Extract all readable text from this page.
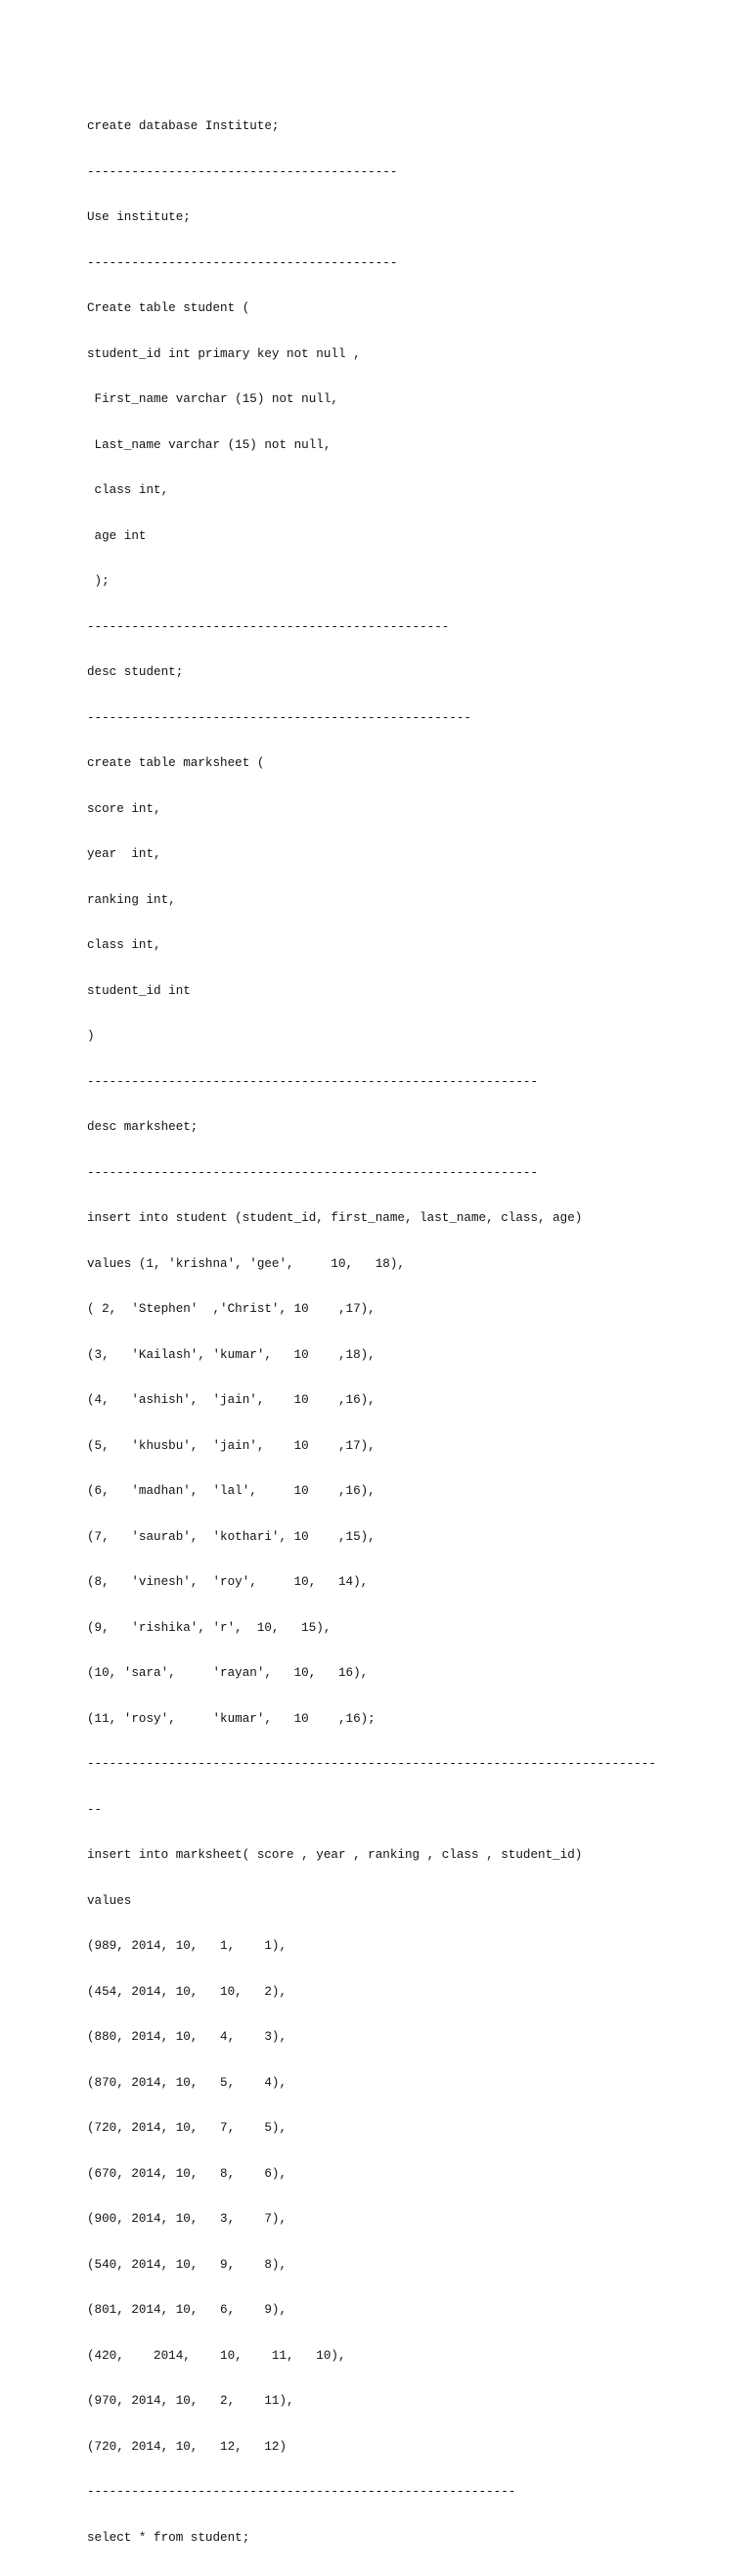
create database Institute;

------------------------------------------

Use institute;

------------------------------------------

Create table student (

student_id int primary key not null ,

First_name varchar (15) not null,

Last_name varchar (15) not null,

class int,

age int

);

-------------------------------------------------

desc student;

----------------------------------------------------

create table marksheet (

score int,

year  int,

ranking int,

class int,

student_id int

)

-------------------------------------------------------------

desc marksheet;

-------------------------------------------------------------

insert into student (student_id, first_name, last_name, class, age)

values (1, 'krishna', 'gee',     10,   18),

( 2,  'Stephen'  ,'Christ', 10    ,17),

(3,   'Kailash', 'kumar',   10    ,18),

(4,   'ashish',  'jain',    10    ,16),

(5,   'khusbu',  'jain',    10    ,17),

(6,   'madhan',  'lal',     10    ,16),

(7,   'saurab',  'kothari', 10    ,15),

(8,   'vinesh',  'roy',     10,   14),

(9,   'rishika', 'r',  10,   15),

(10, 'sara',     'rayan',   10,   16),

(11, 'rosy',     'kumar',   10    ,16);

-----------------------------------------------------------------------------

--

insert into marksheet( score , year , ranking , class , student_id)

values

(989, 2014, 10,   1,    1),

(454, 2014, 10,   10,   2),

(880, 2014, 10,   4,    3),

(870, 2014, 10,   5,    4),

(720, 2014, 10,   7,    5),

(670, 2014, 10,   8,    6),

(900, 2014, 10,   3,    7),

(540, 2014, 10,   9,    8),

(801, 2014, 10,   6,    9),

(420,    2014,    10,    11,   10),

(970, 2014, 10,   2,    11),

(720, 2014, 10,   12,   12)

----------------------------------------------------------

select * from student;
